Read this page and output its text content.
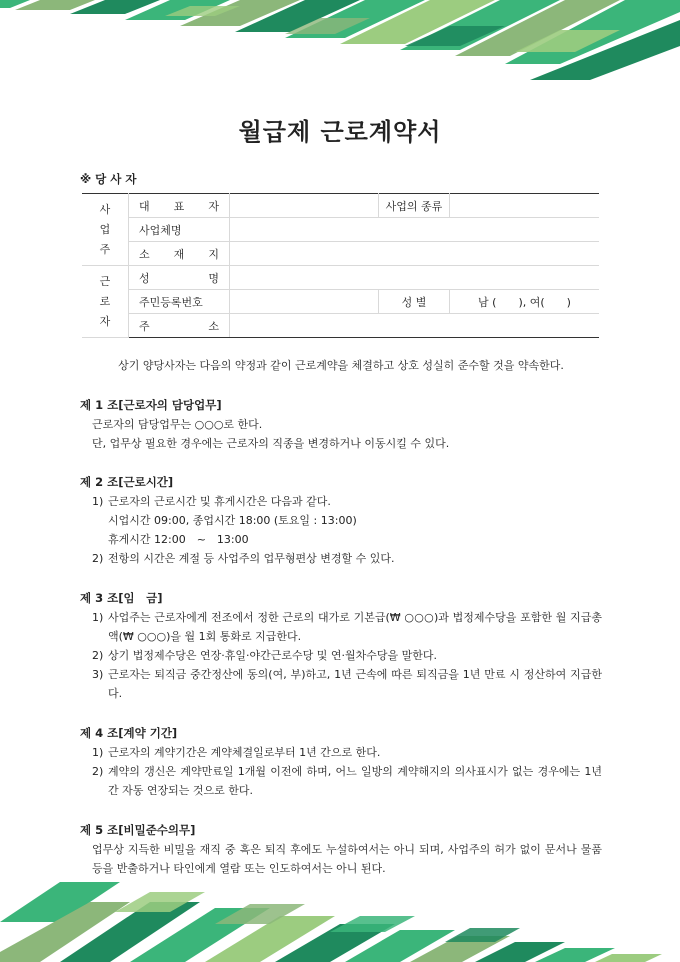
월급제 근로계약서
※ 당 사 자
사
업
주	대 표 자		사업의 종류	
	사업체명			
	소 재 지			
근
로
자	성 명			
	주민등록번호		성 별	남 (　　), 여(　　)
	주 소			
상기 양당사자는 다음의 약정과 같이 근로계약을 체결하고 상호 성실히 준수할 것을 약속한다.
제 1 조[근로자의 담당업무]
근로자의 담당업무는 ○○○로 한다.
단, 업무상 필요한 경우에는 근로자의 직종을 변경하거나 이동시킬 수 있다.
제 2 조[근로시간]
1) 근로자의 근로시간 및 휴게시간은 다음과 같다.
시업시간 09:00, 종업시간 18:00 (토요일 : 13:00)
휴게시간 12:00　~　13:00
2) 전항의 시간은 계절 등 사업주의 업무형편상 변경할 수 있다.
제 3 조[임　금]
1) 사업주는 근로자에게 전조에서 정한 근로의 대가로 기본급(₩ ○○○)과 법정제수당을 포함한 월 지급총액(₩ ○○○)을 월 1회 통화로 지급한다.
2) 상기 법정제수당은 연장·휴일·야간근로수당 및 연·월차수당을 말한다.
3) 근로자는 퇴직금 중간정산에 동의(여, 부)하고, 1년 근속에 따른 퇴직금을 1년 만료 시 정산하여 지급한다.
제 4 조[계약 기간]
1) 근로자의 계약기간은 계약체결일로부터 1년 간으로 한다.
2) 계약의 갱신은 계약만료일 1개월 이전에 하며, 어느 일방의 계약해지의 의사표시가 없는 경우에는 1년 간 자동 연장되는 것으로 한다.
제 5 조[비밀준수의무]
업무상 지득한 비밀을 재직 중 혹은 퇴직 후에도 누설하여서는 아니 되며, 사업주의 허가 없이 문서나 물품 등을 반출하거나 타인에게 열람 또는 인도하여서는 아니 된다.
